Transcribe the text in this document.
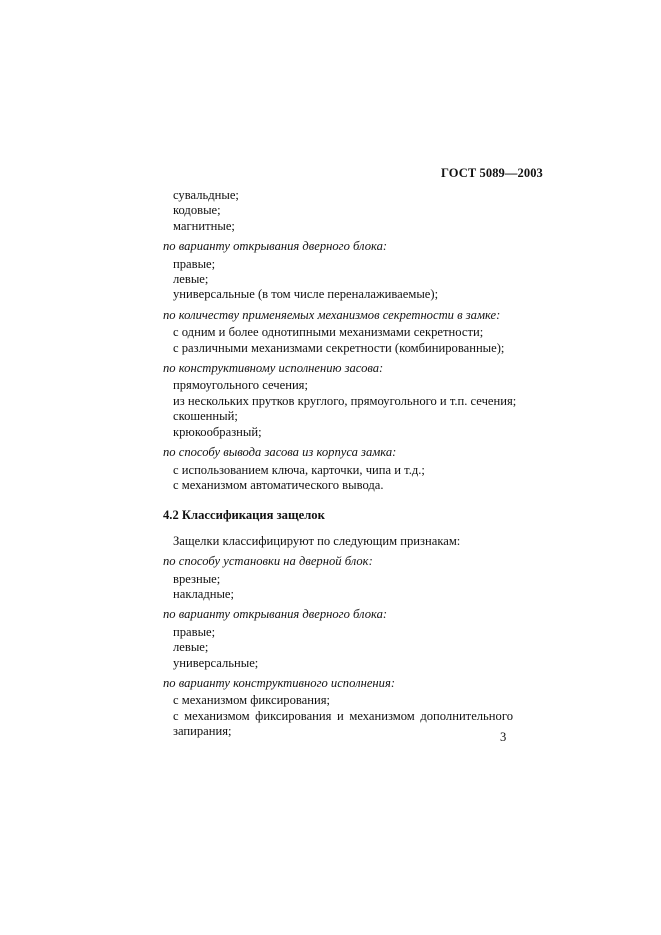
ГОСТ 5089—2003
сувальдные;
кодовые;
магнитные;
по варианту открывания дверного блока:
правые;
левые;
универсальные (в том числе переналаживаемые);
по количеству применяемых механизмов секретности в замке:
с одним и более однотипными механизмами секретности;
с различными механизмами секретности (комбинированные);
по конструктивному исполнению засова:
прямоугольного сечения;
из нескольких прутков круглого, прямоугольного и т.п. сечения;
скошенный;
крюкообразный;
по способу вывода засова из корпуса замка:
с использованием ключа, карточки, чипа и т.д.;
с механизмом автоматического вывода.
4.2 Классификация защелок
Защелки классифицируют по следующим признакам:
по способу установки на дверной блок:
врезные;
накладные;
по варианту открывания дверного блока:
правые;
левые;
универсальные;
по варианту конструктивного исполнения:
с механизмом фиксирования;
с механизмом фиксирования и механизмом дополнительного запирания;	3
